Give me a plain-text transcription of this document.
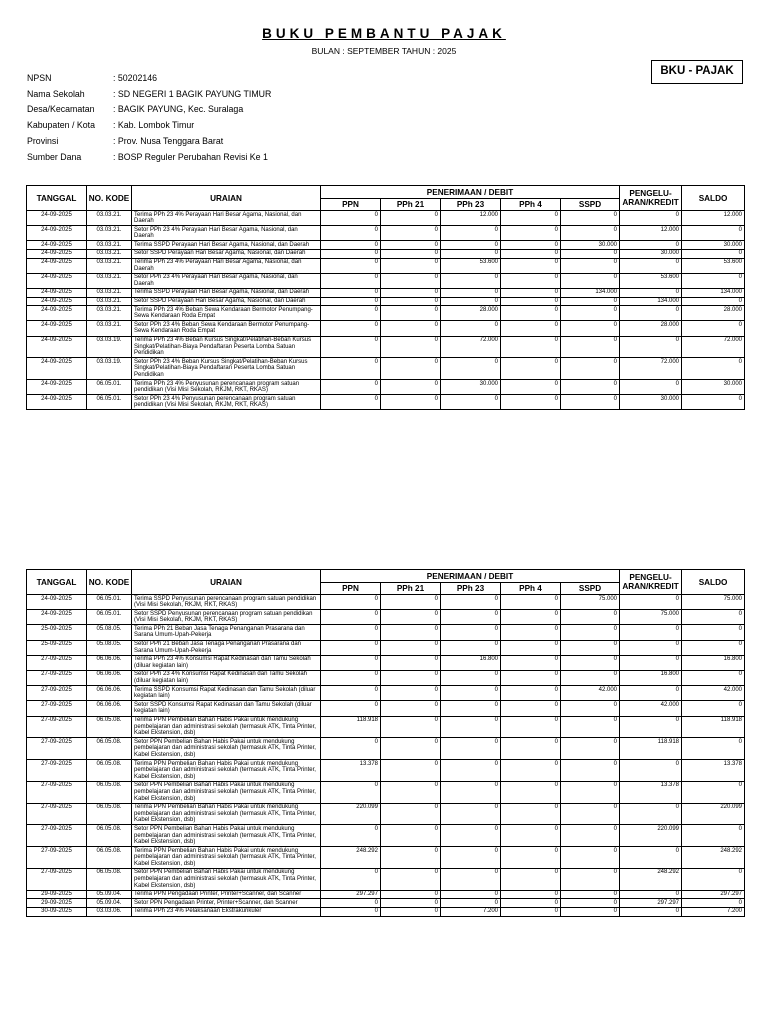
BUKU PEMBANTU PAJAK
BULAN : SEPTEMBER TAHUN : 2025
BKU - PAJAK
NPSN	: 50202146
Nama Sekolah	: SD NEGERI 1 BAGIK PAYUNG TIMUR
Desa/Kecamatan	: BAGIK PAYUNG, Kec. Suralaga
Kabupaten / Kota	: Kab. Lombok Timur
Provinsi	: Prov. Nusa Tenggara Barat
Sumber Dana	: BOSP Reguler Perubahan Revisi Ke 1
TANGGAL	NO. KODE	URAIAN	PENERIMAAN / DEBIT					PENGELU-ARAN/KREDIT	SALDO
			PPN	PPh 21	PPh 23	PPh 4	SSPD		
24-09-2025	03.03.21.	Terima PPh 23 4% Perayaan Hari Besar Agama, Nasional, dan Daerah	0	0	12.000	0	0	0	12.000
24-09-2025	03.03.21.	Setor PPh 23 4% Perayaan Hari Besar Agama, Nasional, dan Daerah	0	0	0	0	0	12.000	0
24-09-2025	03.03.21.	Terima SSPD Perayaan Hari Besar Agama, Nasional, dan Daerah	0	0	0	0	30.000	0	30.000
24-09-2025	03.03.21.	Setor SSPD Perayaan Hari Besar Agama, Nasional, dan Daerah	0	0	0	0	0	30.000	0
24-09-2025	03.03.21.	Terima PPh 23 4% Perayaan Hari Besar Agama, Nasional, dan Daerah	0	0	53.600	0	0	0	53.600
24-09-2025	03.03.21.	Setor PPh 23 4% Perayaan Hari Besar Agama, Nasional, dan Daerah	0	0	0	0	0	53.600	0
24-09-2025	03.03.21.	Terima SSPD Perayaan Hari Besar Agama, Nasional, dan Daerah	0	0	0	0	134.000	0	134.000
24-09-2025	03.03.21.	Setor SSPD Perayaan Hari Besar Agama, Nasional, dan Daerah	0	0	0	0	0	134.000	0
24-09-2025	03.03.21.	Terima PPh 23 4% Beban Sewa Kendaraan Bermotor Penumpang-Sewa Kendaraan Roda Empat	0	0	28.000	0	0	0	28.000
24-09-2025	03.03.21.	Setor PPh 23 4% Beban Sewa Kendaraan Bermotor Penumpang-Sewa Kendaraan Roda Empat	0	0	0	0	0	28.000	0
24-09-2025	03.03.19.	Terima PPh 23 4% Beban Kursus Singkat/Pelatihan-Beban Kursus Singkat/Pelatihan-Biaya Pendaftaran Peserta Lomba Satuan Pendidikan	0	0	72.000	0	0	0	72.000
24-09-2025	03.03.19.	Setor PPh 23 4% Beban Kursus Singkat/Pelatihan-Beban Kursus Singkat/Pelatihan-Biaya Pendaftaran Peserta Lomba Satuan Pendidikan	0	0	0	0	0	72.000	0
24-09-2025	06.05.01.	Terima PPh 23 4% Penyusunan perencanaan program satuan pendidikan (Visi Misi Sekolah, RKJM, RKT, RKAS)	0	0	30.000	0	0	0	30.000
24-09-2025	06.05.01.	Setor PPh 23 4% Penyusunan perencanaan program satuan pendidikan (Visi Misi Sekolah, RKJM, RKT, RKAS)	0	0	0	0	0	30.000	0
TANGGAL	NO. KODE	URAIAN	PENERIMAAN / DEBIT					PENGELU-ARAN/KREDIT	SALDO
			PPN	PPh 21	PPh 23	PPh 4	SSPD		
24-09-2025	06.05.01.	Terima SSPD Penyusunan perencanaan program satuan pendidikan (Visi Misi Sekolah, RKJM, RKT, RKAS)	0	0	0	0	75.000	0	75.000
24-09-2025	06.05.01.	Setor SSPD Penyusunan perencanaan program satuan pendidikan (Visi Misi Sekolah, RKJM, RKT, RKAS)	0	0	0	0	0	75.000	0
25-09-2025	05.08.05.	Terima PPh 21 Beban Jasa Tenaga Penanganan Prasarana dan Sarana Umum-Upah-Pekerja	0	0	0	0	0	0	0
25-09-2025	05.08.05.	Setor PPh 21 Beban Jasa Tenaga Penanganan Prasarana dan Sarana Umum-Upah-Pekerja	0	0	0	0	0	0	0
27-09-2025	06.06.06.	Terima PPh 23 4% Konsumsi Rapat Kedinasan dan Tamu Sekolah (diluar kegiatan lain)	0	0	16.800	0	0	0	16.800
27-09-2025	06.06.06.	Setor PPh 23 4% Konsumsi Rapat Kedinasan dan Tamu Sekolah (diluar kegiatan lain)	0	0	0	0	0	16.800	0
27-09-2025	06.06.06.	Terima SSPD Konsumsi Rapat Kedinasan dan Tamu Sekolah (diluar kegiatan lain)	0	0	0	0	42.000	0	42.000
27-09-2025	06.06.06.	Setor SSPD Konsumsi Rapat Kedinasan dan Tamu Sekolah (diluar kegiatan lain)	0	0	0	0	0	42.000	0
27-09-2025	06.05.08.	Terima PPN Pembelian Bahan Habis Pakai untuk mendukung pembelajaran dan administrasi sekolah (termasuk ATK, Tinta Printer, Kabel Ekstension, dsb)	118.918	0	0	0	0	0	118.918
27-09-2025	06.05.08.	Setor PPN Pembelian Bahan Habis Pakai untuk mendukung pembelajaran dan administrasi sekolah (termasuk ATK, Tinta Printer, Kabel Ekstension, dsb)	0	0	0	0	0	118.918	0
27-09-2025	06.05.08.	Terima PPN Pembelian Bahan Habis Pakai untuk mendukung pembelajaran dan administrasi sekolah (termasuk ATK, Tinta Printer, Kabel Ekstension, dsb)	13.378	0	0	0	0	0	13.378
27-09-2025	06.05.08.	Setor PPN Pembelian Bahan Habis Pakai untuk mendukung pembelajaran dan administrasi sekolah (termasuk ATK, Tinta Printer, Kabel Ekstension, dsb)	0	0	0	0	0	13.378	0
27-09-2025	06.05.08.	Terima PPN Pembelian Bahan Habis Pakai untuk mendukung pembelajaran dan administrasi sekolah (termasuk ATK, Tinta Printer, Kabel Ekstension, dsb)	220.099	0	0	0	0	0	220.099
27-09-2025	06.05.08.	Setor PPN Pembelian Bahan Habis Pakai untuk mendukung pembelajaran dan administrasi sekolah (termasuk ATK, Tinta Printer, Kabel Ekstension, dsb)	0	0	0	0	0	220.099	0
27-09-2025	06.05.08.	Terima PPN Pembelian Bahan Habis Pakai untuk mendukung pembelajaran dan administrasi sekolah (termasuk ATK, Tinta Printer, Kabel Ekstension, dsb)	248.292	0	0	0	0	0	248.292
27-09-2025	06.05.08.	Setor PPN Pembelian Bahan Habis Pakai untuk mendukung pembelajaran dan administrasi sekolah (termasuk ATK, Tinta Printer, Kabel Ekstension, dsb)	0	0	0	0	0	248.292	0
29-09-2025	05.09.04.	Terima PPN Pengadaan Printer, Printer+Scanner, dan Scanner	297.297	0	0	0	0	0	297.297
29-09-2025	05.09.04.	Setor PPN Pengadaan Printer, Printer+Scanner, dan Scanner	0	0	0	0	0	297.297	0
30-09-2025	03.03.06.	Terima PPh 23 4% Pelaksanaan Ekstrakurikuler	0	0	7.200	0	0	0	7.200
